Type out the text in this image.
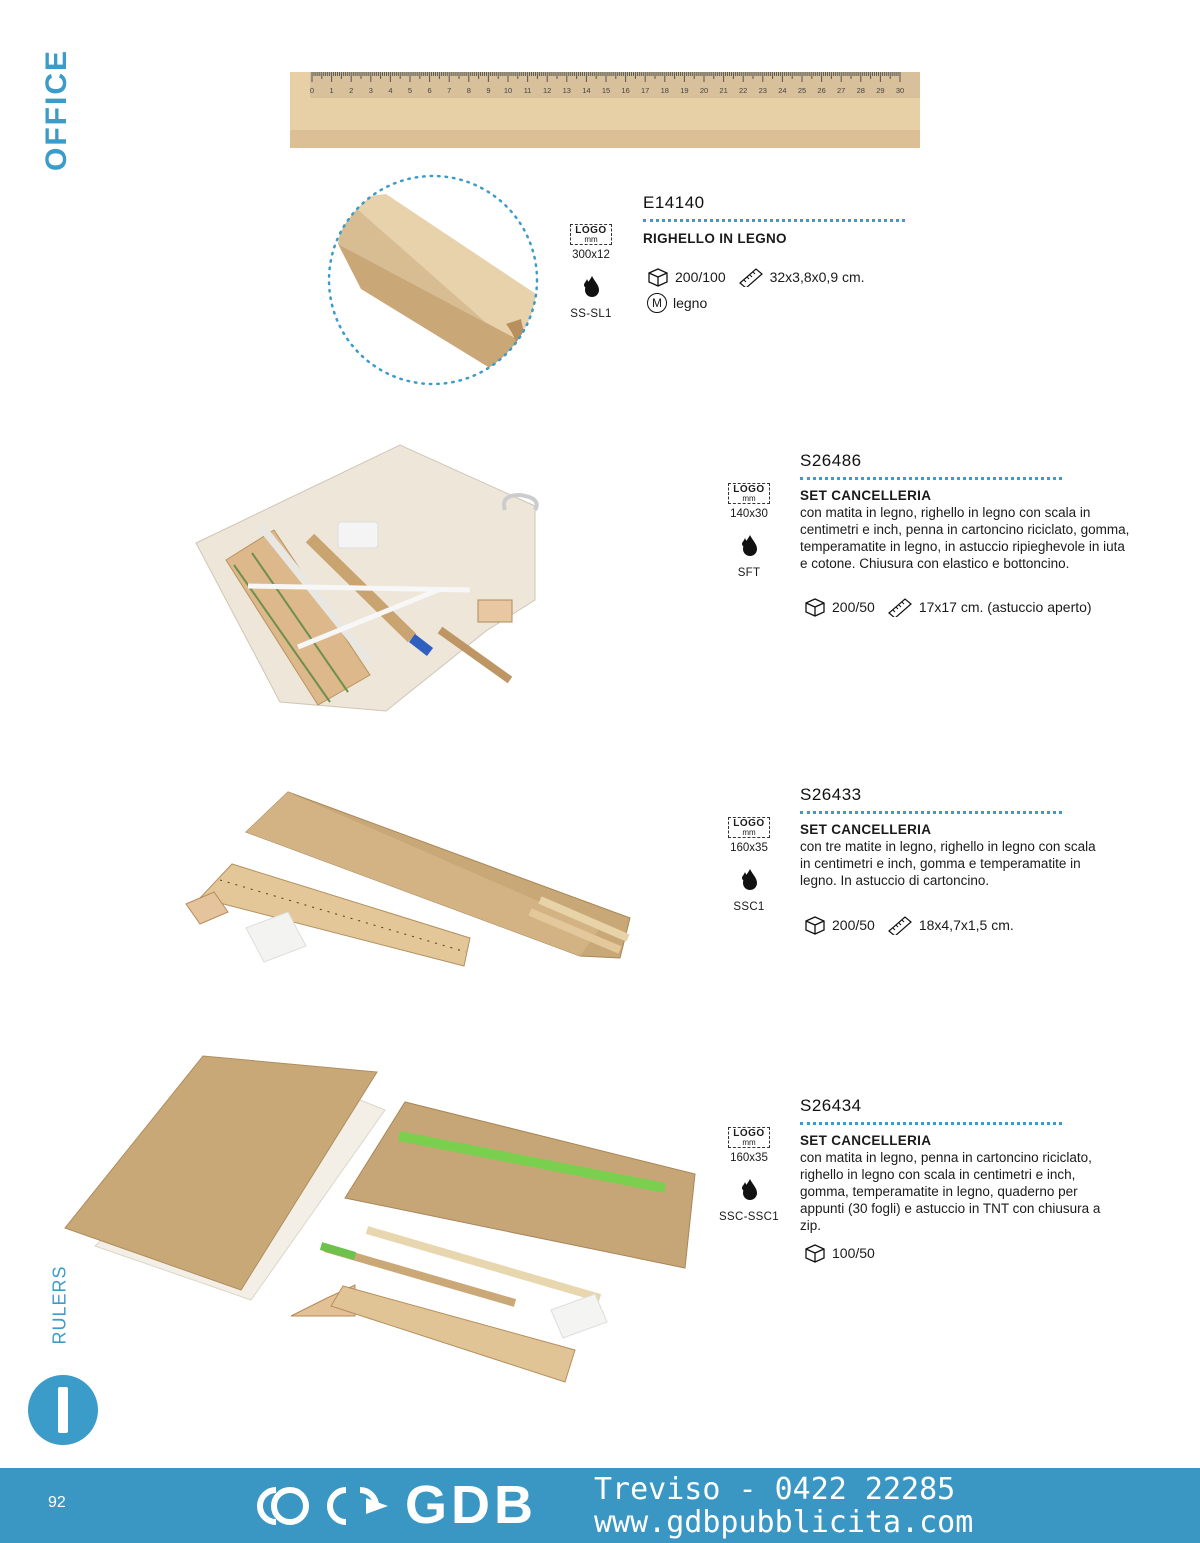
OFFICE
RULERS
0 1 2 3 4 5 6 7 8 9 10 11 12 13 14 15 16 17 18 19 20 21 22 23 24 25 26 27 28 29 30
LOGO
mm
300x12
SS-SL1
E14140
RIGHELLO IN LEGNO
200/100	32x3,8x0,9 cm.
M legno
LOGO
mm
140x30
SFT
S26486
SET CANCELLERIA
con matita in legno, righello in legno con scala in centimetri e inch, penna in cartoncino riciclato, gomma, temperamatite in legno, in astuccio ripieghevole in iuta e cotone. Chiusura con elastico e bottoncino.
200/50	17x17 cm. (astuccio aperto)
LOGO
mm
160x35
SSC1
S26433
SET CANCELLERIA
con tre matite in legno, righello in legno con scala in centimetri e inch, gomma e temperamatite in legno. In astuccio di cartoncino.
200/50	18x4,7x1,5 cm.
LOGO
mm
160x35
SSC-SSC1
S26434
SET CANCELLERIA
con matita in legno, penna in cartoncino riciclato, righello in legno con scala in centimetri e inch, gomma, temperamatite in legno, quaderno per appunti (30 fogli) e astuccio in TNT con chiusura a zip.
100/50
92	GDB Treviso - 0422 22285
www.gdbpubblicita.com
